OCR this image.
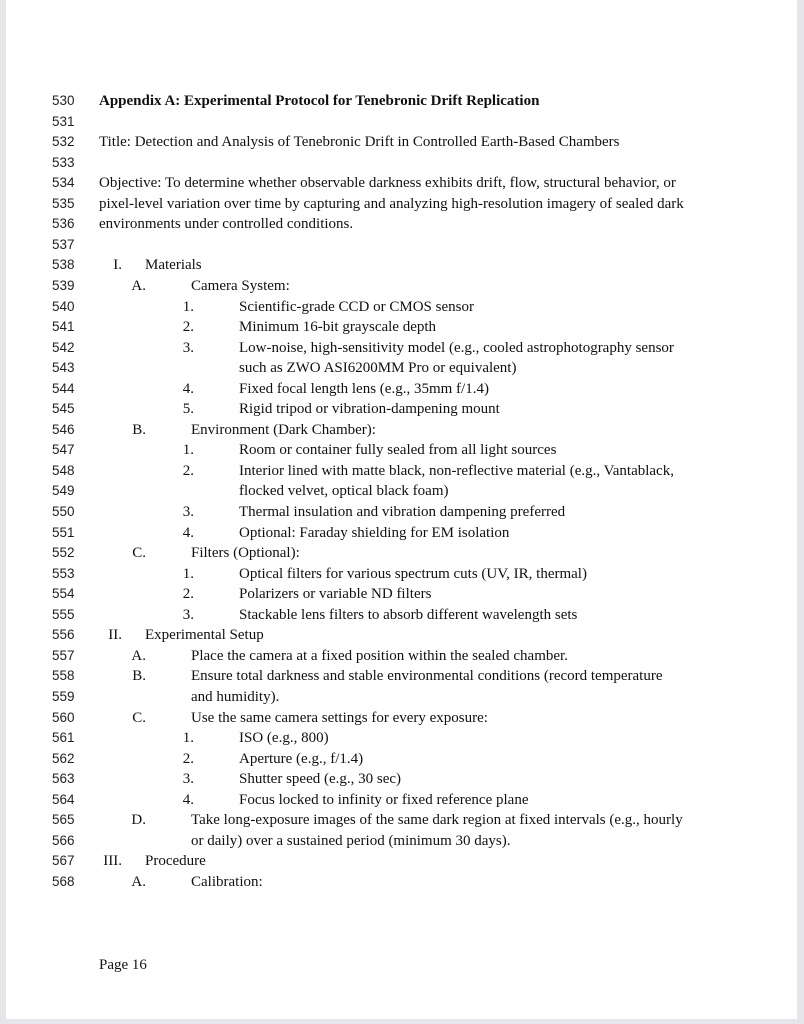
530 Appendix A: Experimental Protocol for Tenebronic Drift Replication
531
532 Title: Detection and Analysis of Tenebronic Drift in Controlled Earth-Based Chambers
533
534 Objective: To determine whether observable darkness exhibits drift, flow, structural behavior, or
535 pixel-level variation over time by capturing and analyzing high-resolution imagery of sealed dark
536 environments under controlled conditions.
537
538	I. Materials
539	A.	Camera System:
540	1.	Scientific-grade CCD or CMOS sensor
541	2.	Minimum 16-bit grayscale depth
542	3.	Low-noise, high-sensitivity model (e.g., cooled astrophotography sensor
543	such as ZWO ASI6200MM Pro or equivalent)
544	4.	Fixed focal length lens (e.g., 35mm f/1.4)
545	5.	Rigid tripod or vibration-dampening mount
546	B.	Environment (Dark Chamber):
547	1.	Room or container fully sealed from all light sources
548	2.	Interior lined with matte black, non-reflective material (e.g., Vantablack,
549	flocked velvet, optical black foam)
550	3.	Thermal insulation and vibration dampening preferred
551	4.	Optional: Faraday shielding for EM isolation
552	C.	Filters (Optional):
553	1.	Optical filters for various spectrum cuts (UV, IR, thermal)
554	2.	Polarizers or variable ND filters
555	3.	Stackable lens filters to absorb different wavelength sets
556	II. Experimental Setup
557	A.	Place the camera at a fixed position within the sealed chamber.
558	B.	Ensure total darkness and stable environmental conditions (record temperature
559	and humidity).
560	C.	Use the same camera settings for every exposure:
561	1.	ISO (e.g., 800)
562	2.	Aperture (e.g., f/1.4)
563	3.	Shutter speed (e.g., 30 sec)
564	4.	Focus locked to infinity or fixed reference plane
565	D.	Take long-exposure images of the same dark region at fixed intervals (e.g., hourly
566	or daily) over a sustained period (minimum 30 days).
567	III. Procedure
568	A.	Calibration:
Page 16
